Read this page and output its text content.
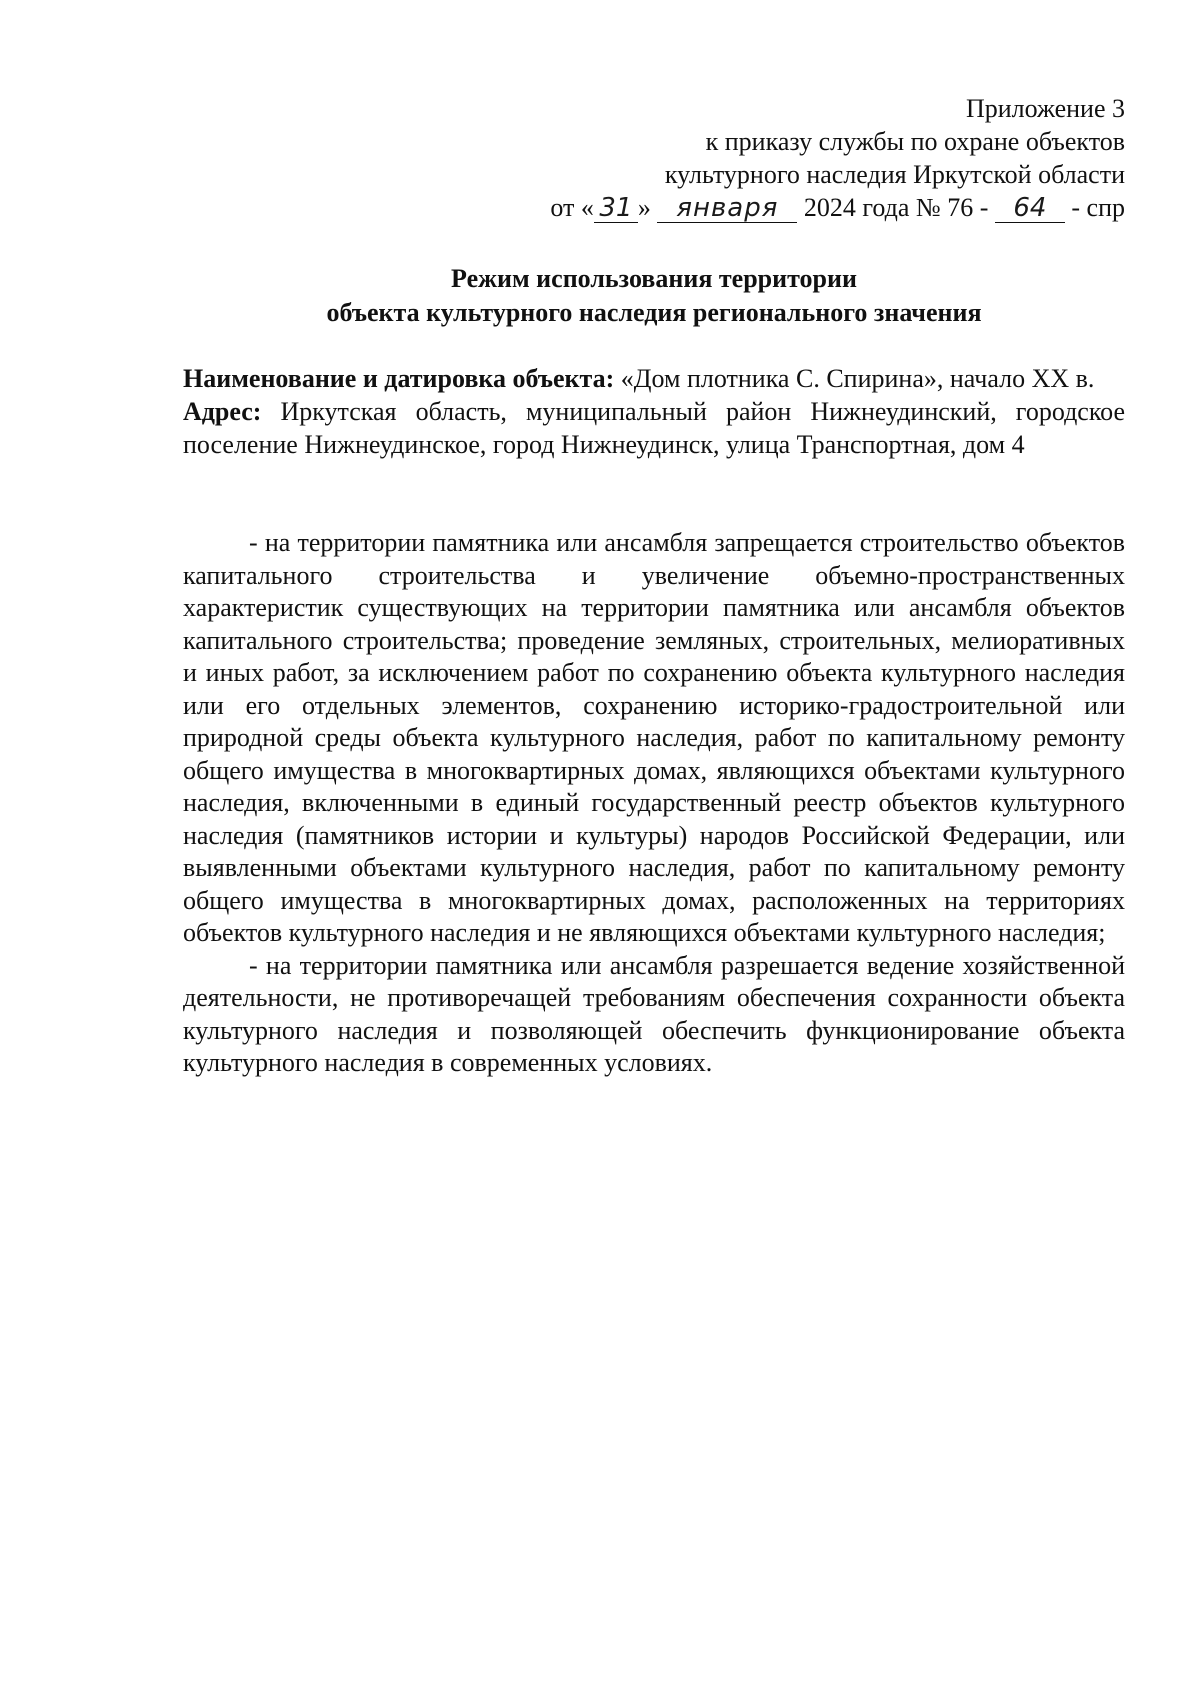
Приложение 3
к приказу службы по охране объектов
культурного наследия Иркутской области
от « 31 » января 2024 года № 76 - 64 - спр
Режим использования территории
объекта культурного наследия регионального значения

Наименование и датировка объекта: «Дом плотника С. Спирина», начало XX в.

Адрес: Иркутская область, муниципальный район Нижнеудинский, городское поселение Нижнеудинское, город Нижнеудинск, улица Транспортная, дом 4

- на территории памятника или ансамбля запрещается строительство объектов капитального строительства и увеличение объемно-пространственных характеристик существующих на территории памятника или ансамбля объектов капитального строительства; проведение земляных, строительных, мелиоративных и иных работ, за исключением работ по сохранению объекта культурного наследия или его отдельных элементов, сохранению историко-градостроительной или природной среды объекта культурного наследия, работ по капитальному ремонту общего имущества в многоквартирных домах, являющихся объектами культурного наследия, включенными в единый государственный реестр объектов культурного наследия (памятников истории и культуры) народов Российской Федерации, или выявленными объектами культурного наследия, работ по капитальному ремонту общего имущества в многоквартирных домах, расположенных на территориях объектов культурного наследия и не являющихся объектами культурного наследия;

- на территории памятника или ансамбля разрешается ведение хозяйственной деятельности, не противоречащей требованиям обеспечения сохранности объекта культурного наследия и позволяющей обеспечить функционирование объекта культурного наследия в современных условиях.
